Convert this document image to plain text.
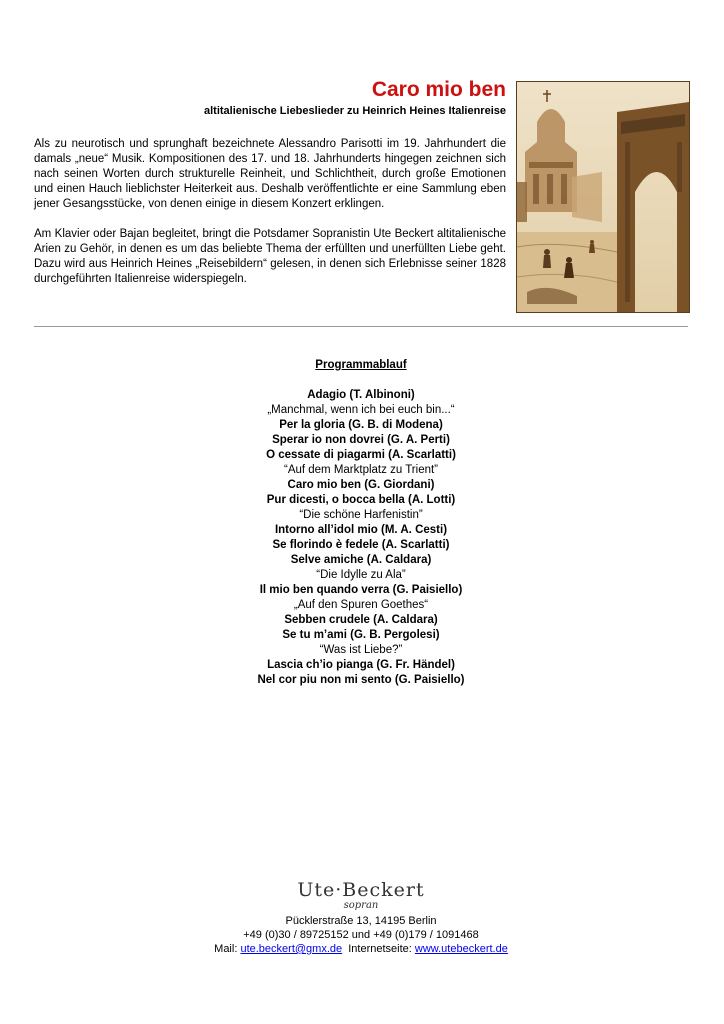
Caro mio ben
altitalienische Liebeslieder zu Heinrich Heines Italienreise

Als zu neurotisch und sprunghaft bezeichnete Alessandro Parisotti im 19. Jahrhundert die damals „neue“ Musik. Kompositionen des 17. und 18. Jahrhunderts hingegen zeichnen sich nach seinen Worten durch strukturelle Reinheit, und Schlichtheit, durch große Emotionen und einen Hauch lieblichster Heiterkeit aus. Deshalb veröffentlichte er eine Sammlung eben jener Gesangsstücke, von denen einige in diesem Konzert erklingen.

Am Klavier oder Bajan begleitet, bringt die Potsdamer Sopranistin Ute Beckert altitalienische Arien zu Gehör, in denen es um das beliebte Thema der erfüllten und unerfüllten Liebe geht. Dazu wird aus Heinrich Heines „Reisebildern“ gelesen, in denen sich Erlebnisse seiner 1828 durchgeführten Italienreise widerspiegeln.

Programmablauf
Adagio (T. Albinoni)
„Manchmal, wenn ich bei euch bin...“
Per la gloria (G. B. di Modena)
Sperar io non dovrei (G. A. Perti)
O cessate di piagarmi (A. Scarlatti)
“Auf dem Marktplatz zu Trient”
Caro mio ben (G. Giordani)
Pur dicesti, o bocca bella (A. Lotti)
“Die schöne Harfenistin”
Intorno all’idol mio (M. A. Cesti)
Se florindo è fedele (A. Scarlatti)
Selve amiche (A. Caldara)
“Die Idylle zu Ala”
Il mio ben quando verra (G. Paisiello)
„Auf den Spuren Goethes“
Sebben crudele (A. Caldara)
Se tu m’ami (G. B. Pergolesi)
“Was ist Liebe?”
Lascia ch’io pianga (G. Fr. Händel)
Nel cor piu non mi sento (G. Paisiello)
Ute·Beckert
sopran
Pücklerstraße 13, 14195 Berlin
+49 (0)30 / 89725152 und +49 (0)179 / 1091468
Mail: ute.beckert@gmx.de Internetseite: www.utebeckert.de
